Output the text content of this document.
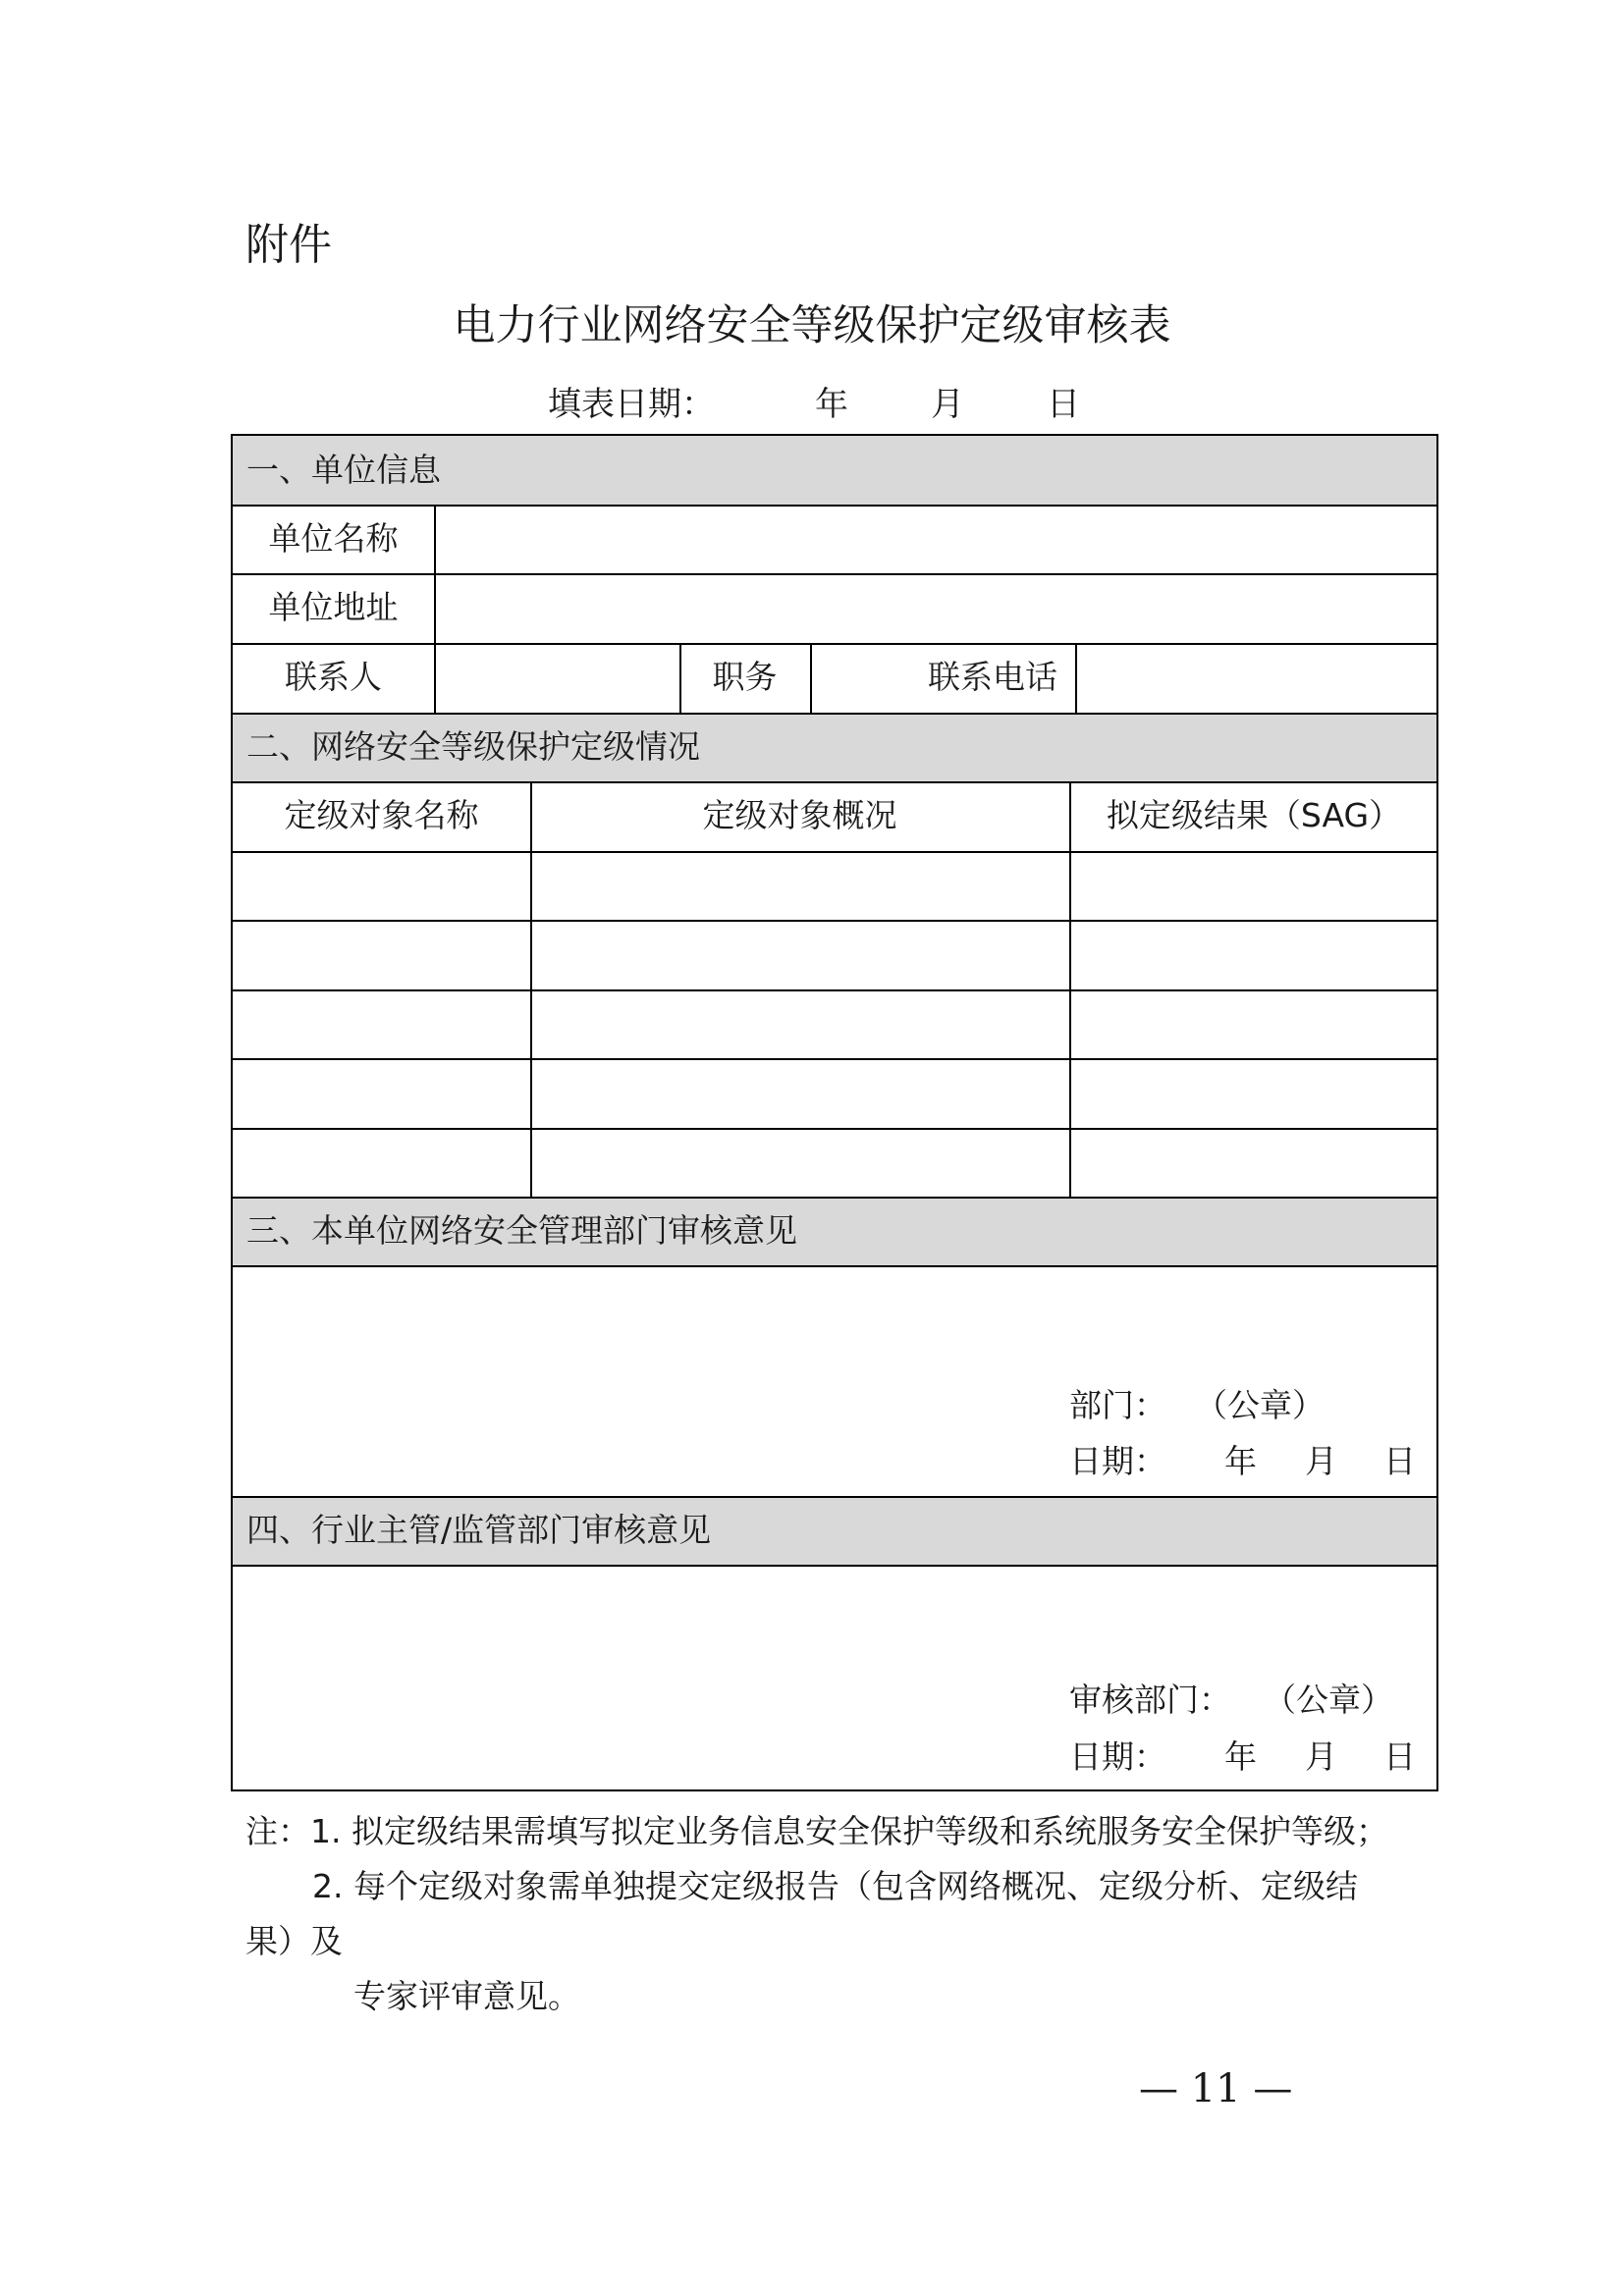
附件
电力行业网络安全等级保护定级审核表

填表日期：

	年

月

日

一、单位信息
单位名称
单位地址
联系人	职务	联系电话
二、网络安全等级保护定级情况
定级对象名称	定级对象概况	拟定级结果（SAG）
三、本单位网络安全管理部门审核意见
部门： （公章）
日期： 年 月 日
四、行业主管/监管部门审核意见
审核部门： （公章）
日期： 年 月 日
注：1. 拟定级结果需填写拟定业务信息安全保护等级和系统服务安全保护等级；
2. 每个定级对象需单独提交定级报告（包含网络概况、定级分析、定级结
果）及
专家评审意见。
— 11 —
